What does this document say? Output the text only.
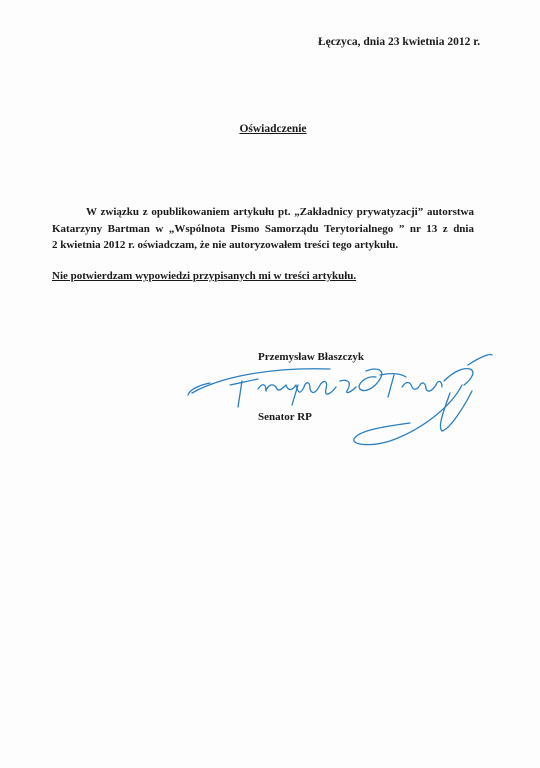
Łęczyca, dnia 23 kwietnia 2012 r.
Oświadczenie
W związku z opublikowaniem artykułu pt. „Zakładnicy prywatyzacji” autorstwa
Katarzyny Bartman w „Wspólnota Pismo Samorządu Terytorialnego ” nr 13 z dnia
2 kwietnia 2012 r. oświadczam, że nie autoryzowałem treści tego artykułu.
Nie potwierdzam wypowiedzi przypisanych mi w treści artykułu.
Przemysław Błaszczyk
Senator RP
